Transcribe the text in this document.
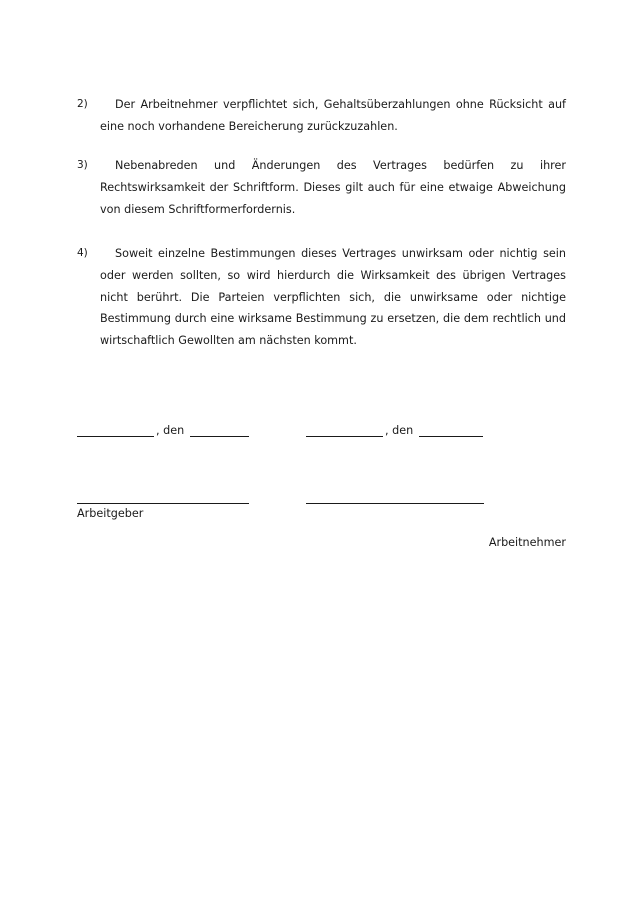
2)	Der Arbeitnehmer verpflichtet sich, Gehaltsüberzahlungen ohne Rücksicht auf eine noch vorhandene Bereicherung zurückzuzahlen.
3)	Nebenabreden und Änderungen des Vertrages bedürfen zu ihrer Rechtswirksamkeit der Schriftform. Dieses gilt auch für eine etwaige Abweichung von diesem Schriftformerfordernis.
4)	Soweit einzelne Bestimmungen dieses Vertrages unwirksam oder nichtig sein oder werden sollten, so wird hierdurch die Wirksamkeit des übrigen Vertrages nicht berührt. Die Parteien verpflichten sich, die unwirksame oder nichtige Bestimmung durch eine wirksame Bestimmung zu ersetzen, die dem rechtlich und wirtschaftlich Gewollten am nächsten kommt.
, den	, den
Arbeitgeber
Arbeitnehmer
